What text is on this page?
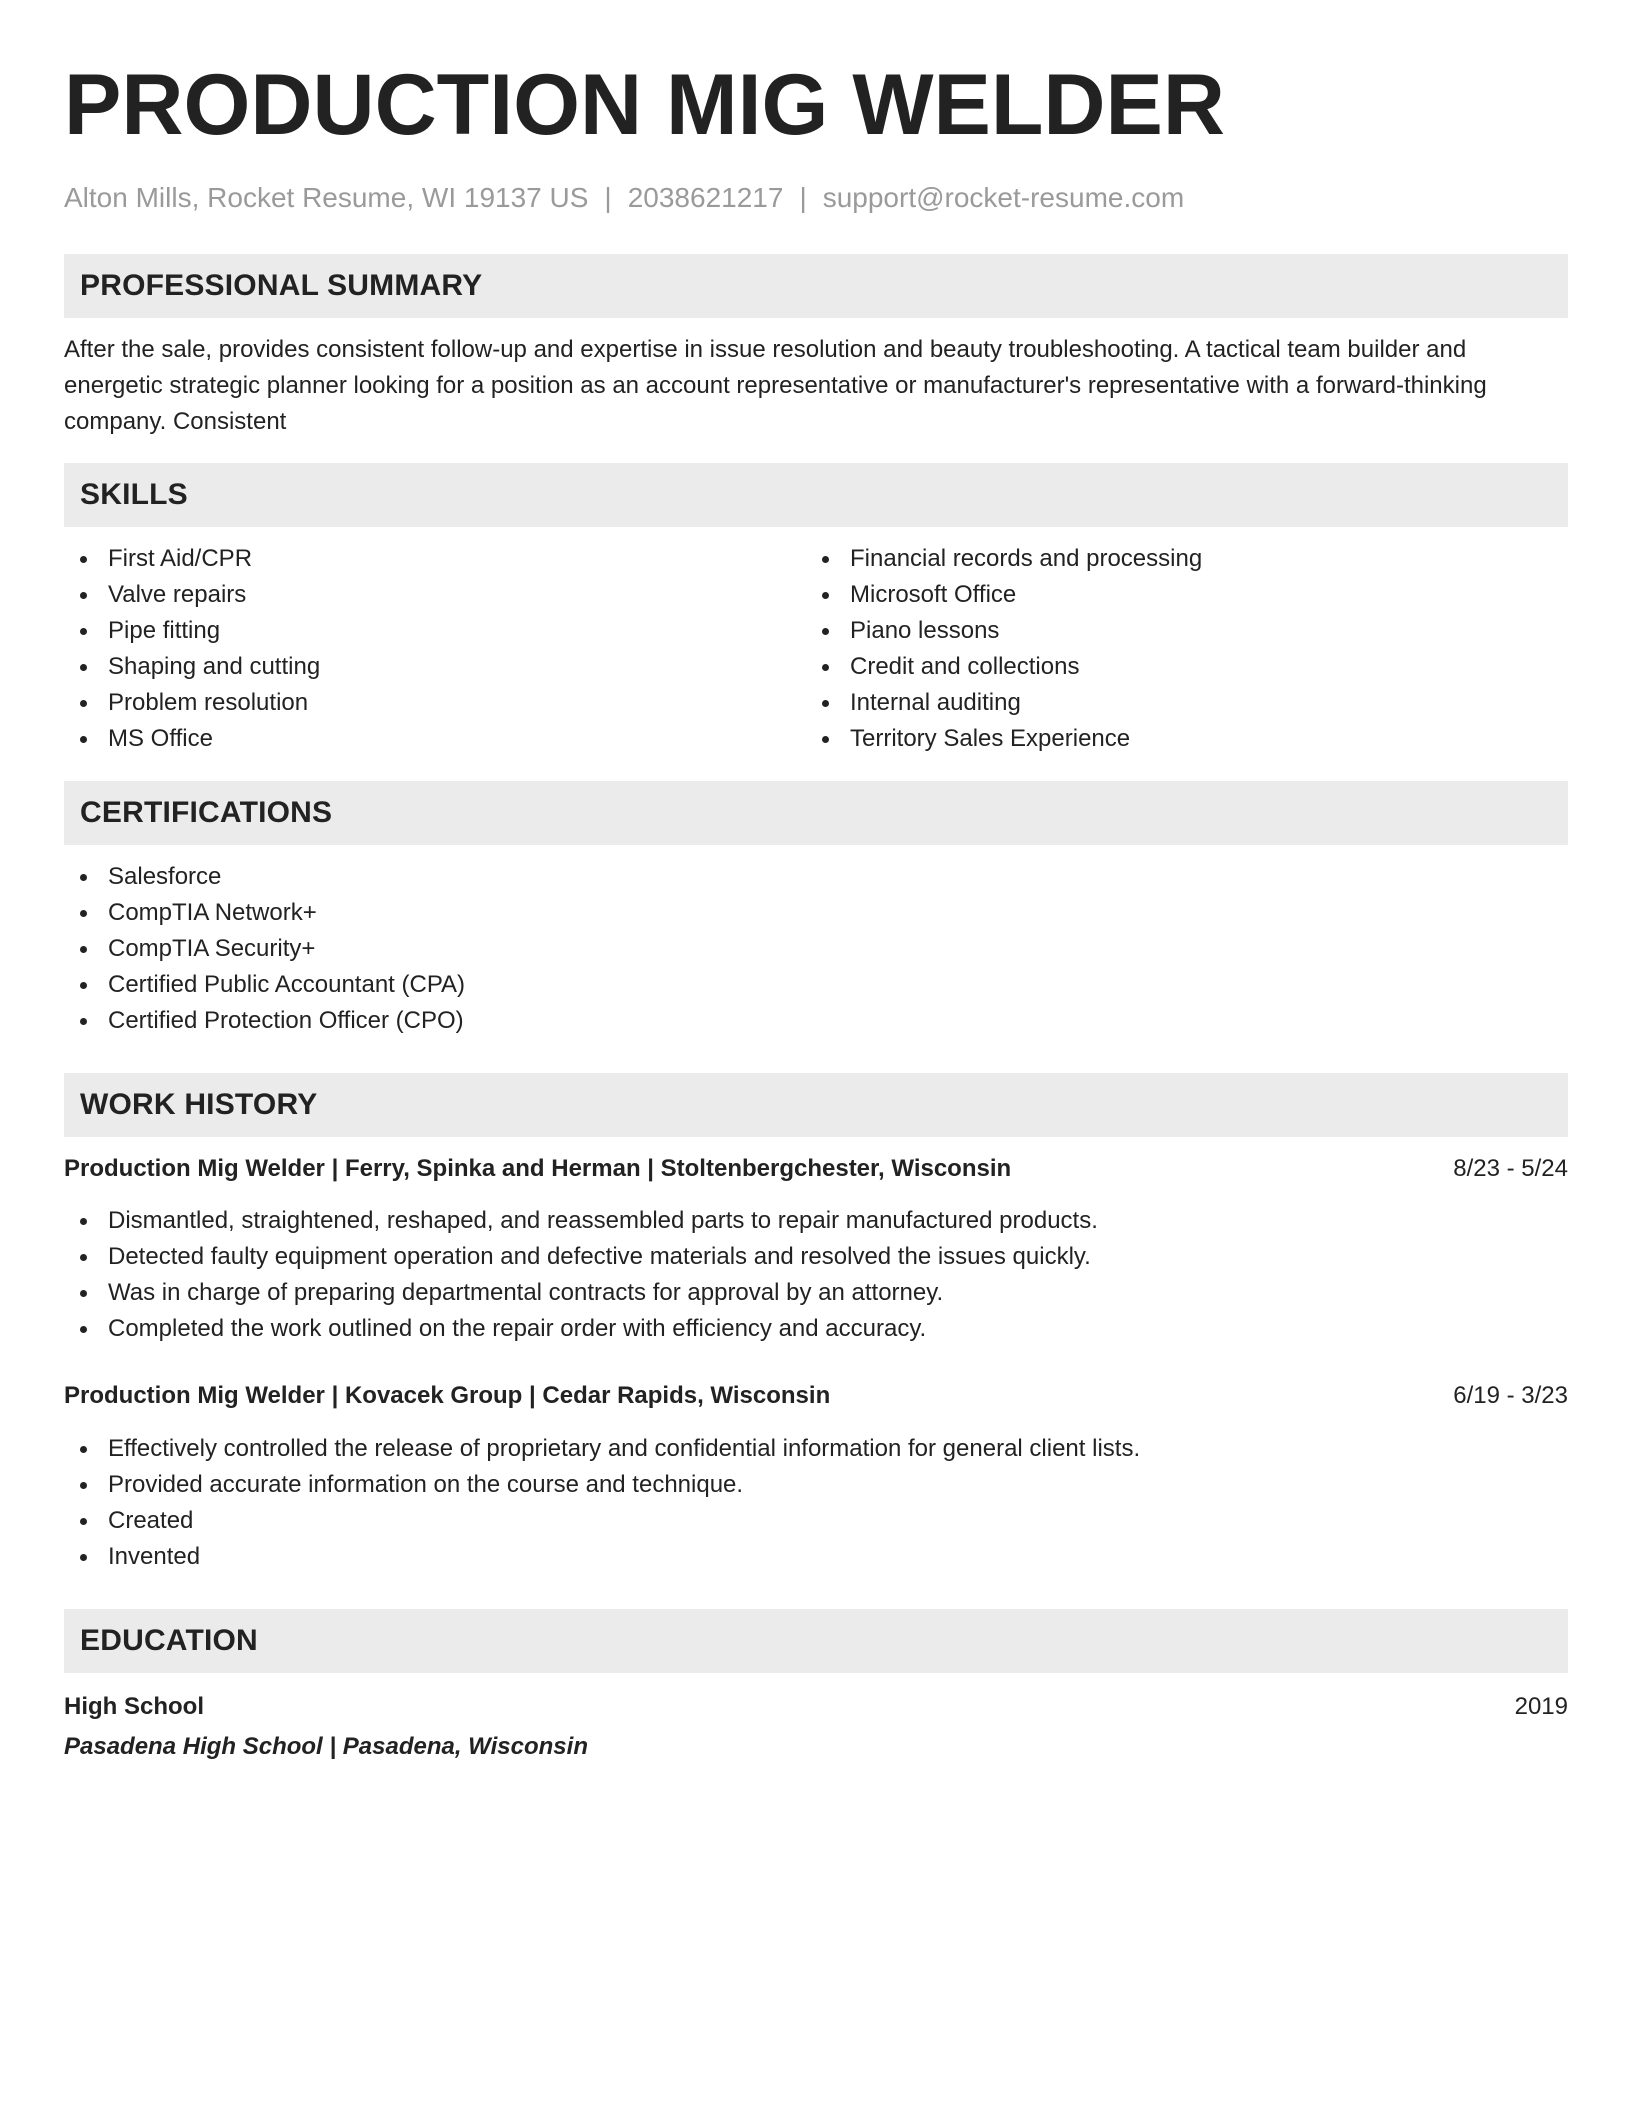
PRODUCTION MIG WELDER
Alton Mills, Rocket Resume, WI 19137 US | 2038621217 | support@rocket-resume.com
PROFESSIONAL SUMMARY
After the sale, provides consistent follow-up and expertise in issue resolution and beauty troubleshooting. A tactical team builder and energetic strategic planner looking for a position as an account representative or manufacturer's representative with a forward-thinking company. Consistent
SKILLS
First Aid/CPR
Valve repairs
Pipe fitting
Shaping and cutting
Problem resolution
MS Office
Financial records and processing
Microsoft Office
Piano lessons
Credit and collections
Internal auditing
Territory Sales Experience
CERTIFICATIONS
Salesforce
CompTIA Network+
CompTIA Security+
Certified Public Accountant (CPA)
Certified Protection Officer (CPO)
WORK HISTORY
Production Mig Welder | Ferry, Spinka and Herman | Stoltenbergchester, Wisconsin	8/23 - 5/24
Dismantled, straightened, reshaped, and reassembled parts to repair manufactured products.
Detected faulty equipment operation and defective materials and resolved the issues quickly.
Was in charge of preparing departmental contracts for approval by an attorney.
Completed the work outlined on the repair order with efficiency and accuracy.
Production Mig Welder | Kovacek Group | Cedar Rapids, Wisconsin	6/19 - 3/23
Effectively controlled the release of proprietary and confidential information for general client lists.
Provided accurate information on the course and technique.
Created
Invented
EDUCATION
High School	2019
Pasadena High School | Pasadena, Wisconsin
